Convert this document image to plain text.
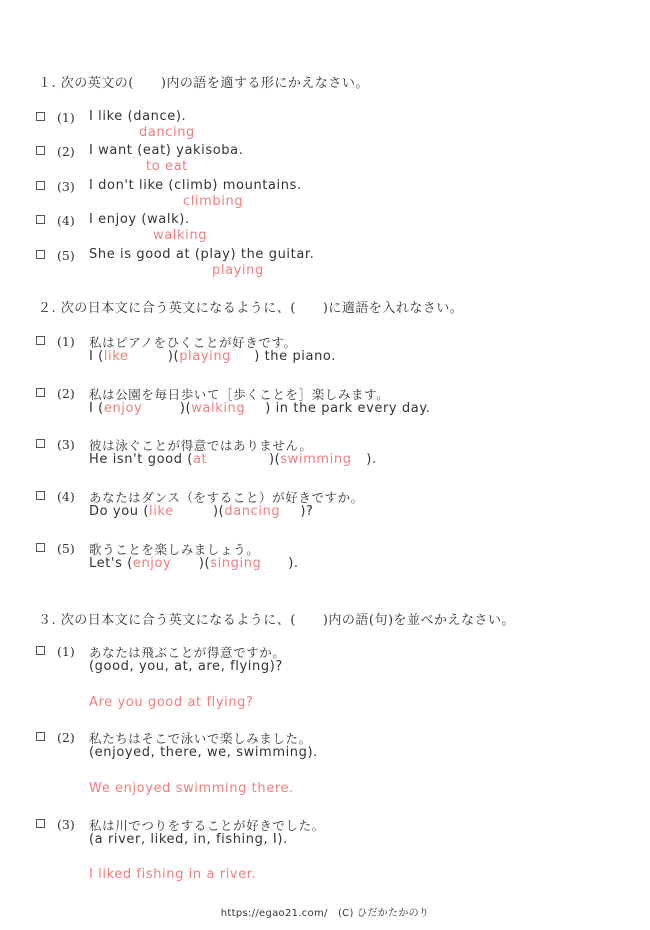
１. 次の英文の(　　)内の語を適する形にかえなさい。
(1) I like (dance).
dancing
(2) I want (eat) yakisoba.
to eat
(3) I don't like (climb) mountains.
climbing
(4) I enjoy (walk).
walking
(5) She is good at (play) the guitar.
playing
２. 次の日本文に合う英文になるように、(　　)に適語を入れなさい。
(1) 私はピアノをひくことが好きです。
I (like	)(playing ) the piano.
(2) 私は公園を毎日歩いて［歩くことを］楽しみます。
I (enjoy	)(walking ) in the park every day.
(3) 彼は泳ぐことが得意ではありません。
He isn't good (at	)(swimming ).
(4) あなたはダンス（をすること）が好きですか。
Do you (like	)(dancing )?
(5) 歌うことを楽しみましょう。
Let's (enjoy )(singing ).
３. 次の日本文に合う英文になるように、(　　)内の語(句)を並べかえなさい。
(1) あなたは飛ぶことが得意ですか。
(good, you, at, are, flying)?
Are you good at flying?
(2) 私たちはそこで泳いで楽しみました。
(enjoyed, there, we, swimming).
We enjoyed swimming there.
(3) 私は川でつりをすることが好きでした。
(a river, liked, in, fishing, I).
I liked fishing in a river.
https://egao21.com/　(C) ひだかたかのり
